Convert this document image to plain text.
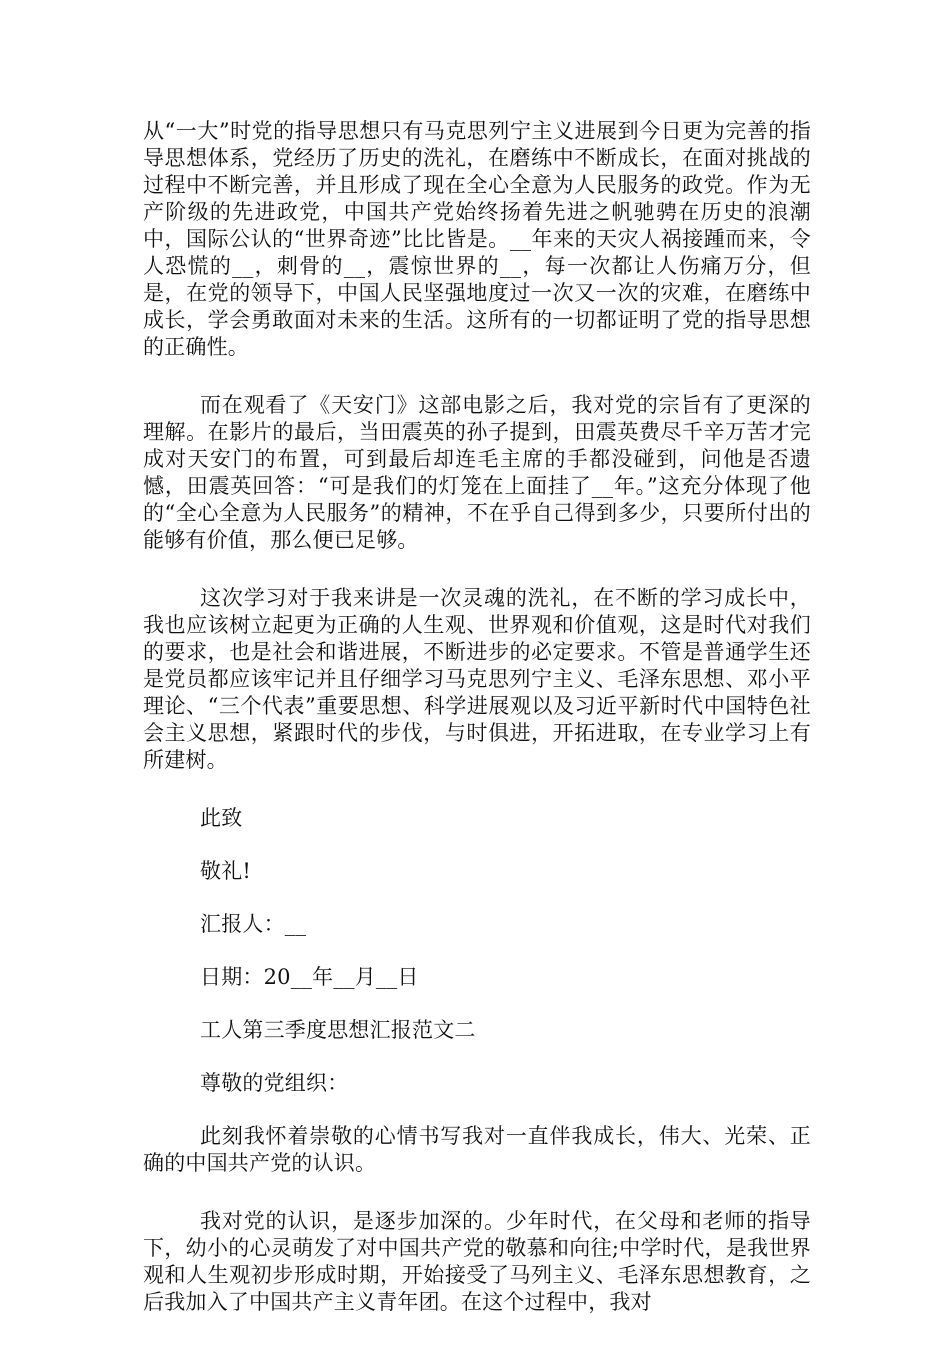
从“一大”时党的指导思想只有马克思列宁主义进展到今日更为完善的指导思想体系，党经历了历史的洗礼，在磨练中不断成长，在面对挑战的过程中不断完善，并且形成了现在全心全意为人民服务的政党。作为无产阶级的先进政党，中国共产党始终扬着先进之帆驰骋在历史的浪潮中，国际公认的“世界奇迹”比比皆是。__年来的天灾人祸接踵而来，令人恐慌的__，刺骨的__，震惊世界的__，每一次都让人伤痛万分，但是，在党的领导下，中国人民坚强地度过一次又一次的灾难，在磨练中成长，学会勇敢面对未来的生活。这所有的一切都证明了党的指导思想的正确性。

而在观看了《天安门》这部电影之后，我对党的宗旨有了更深的理解。在影片的最后，当田震英的孙子提到，田震英费尽千辛万苦才完成对天安门的布置，可到最后却连毛主席的手都没碰到，问他是否遗憾，田震英回答：“可是我们的灯笼在上面挂了__年。”这充分体现了他的“全心全意为人民服务”的精神，不在乎自己得到多少，只要所付出的能够有价值，那么便已足够。

这次学习对于我来讲是一次灵魂的洗礼，在不断的学习成长中，我也应该树立起更为正确的人生观、世界观和价值观，这是时代对我们的要求，也是社会和谐进展，不断进步的必定要求。不管是普通学生还是党员都应该牢记并且仔细学习马克思列宁主义、毛泽东思想、邓小平理论、“三个代表”重要思想、科学进展观以及习近平新时代中国特色社会主义思想，紧跟时代的步伐，与时俱进，开拓进取，在专业学习上有所建树。

此致

敬礼!

汇报人：__

日期：20__年__月__日

工人第三季度思想汇报范文二

尊敬的党组织：

此刻我怀着崇敬的心情书写我对一直伴我成长，伟大、光荣、正确的中国共产党的认识。

我对党的认识，是逐步加深的。少年时代，在父母和老师的指导下，幼小的心灵萌发了对中国共产党的敬慕和向往;中学时代，是我世界观和人生观初步形成时期，开始接受了马列主义、毛泽东思想教育，之后我加入了中国共产主义青年团。在这个过程中，我对
